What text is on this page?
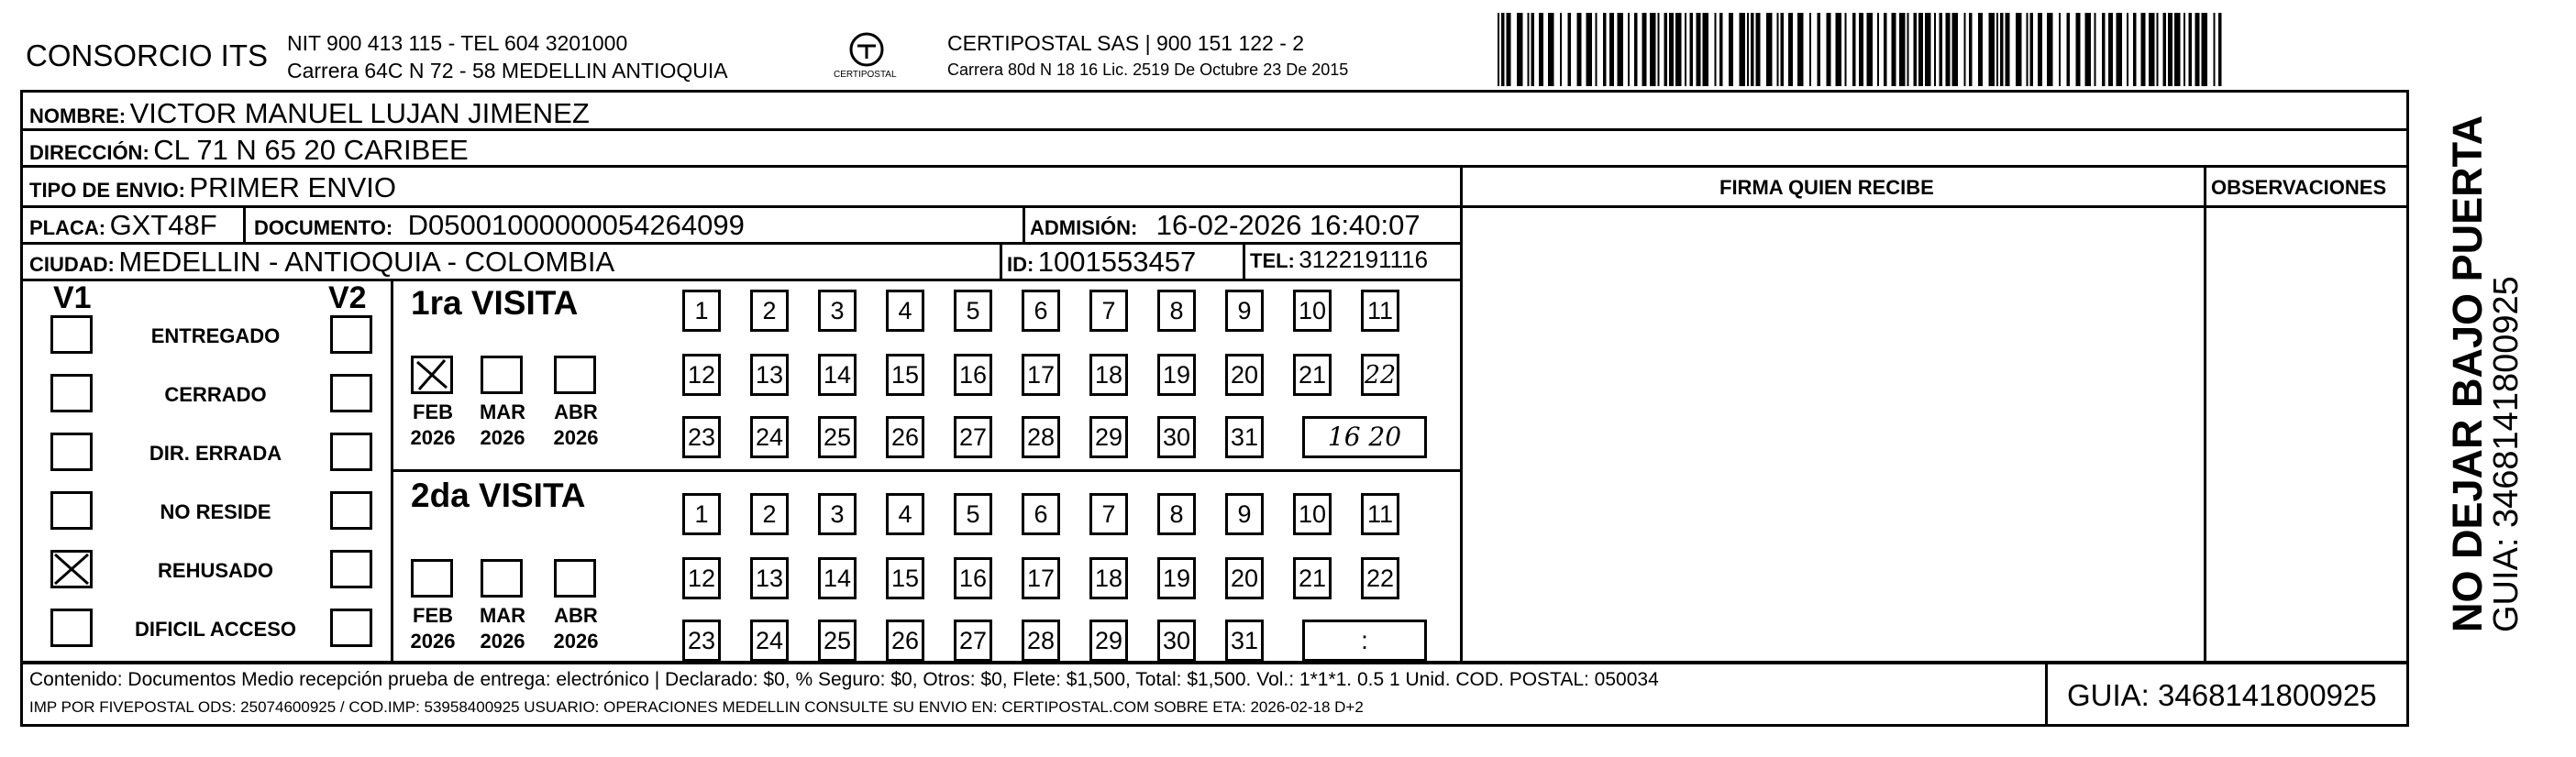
CONSORCIO ITS NIT 900 413 115 - TEL 604 3201000
Carrera 64C N 72 - 58 MEDELLIN ANTIOQUIA	CERTIPOSTAL
CERTIPOSTAL SAS | 900 151 122 - 2
Carrera 80d N 18 16 Lic. 2519 De Octubre 23 De 2015
NOMBRE: VICTOR MANUEL LUJAN JIMENEZ
DIRECCIÓN: CL 71 N 65 20 CARIBEE
TIPO DE ENVIO: PRIMER ENVIO	FIRMA QUIEN RECIBE	OBSERVACIONES
PLACA: GXT48F DOCUMENTO: D05001000000054264099	ADMISIÓN: 16-02-2026 16:40:07
CIUDAD: MEDELLIN - ANTIOQUIA - COLOMBIA	ID: 1001553457	TEL: 3122191116
V1	V2
ENTREGADO
CERRADO
DIR. ERRADA
NO RESIDE
REHUSADO
DIFICIL ACCESO
1ra VISITA
2da VISITA
FEB
2026
MAR
2026
ABR
2026
1	2	3	4	5	6	7	8	9	10 11
12 13 14 15 16 17 18 19 20 21 22
23 24 25 26 27 28 29 30 31	16 20
FEB
2026
MAR
2026
ABR
2026
1	2	3	4	5	6	7	8	9	10 11
12 13 14 15 16 17 18 19 20 21 22
23 24 25 26 27 28 29 30 31	:
Contenido: Documentos Medio recepción prueba de entrega: electrónico | Declarado: $0, % Seguro: $0, Otros: $0, Flete: $1,500, Total: $1,500. Vol.: 1*1*1. 0.5 1 Unid. COD. POSTAL: 050034
IMP POR FIVEPOSTAL ODS: 25074600925 / COD.IMP: 53958400925 USUARIO: OPERACIONES MEDELLIN CONSULTE SU ENVIO EN: CERTIPOSTAL.COM SOBRE ETA: 2026-02-18 D+2	GUIA: 3468141800925
NO DEJAR BAJO PUERTA
GUIA: 3468141800925
